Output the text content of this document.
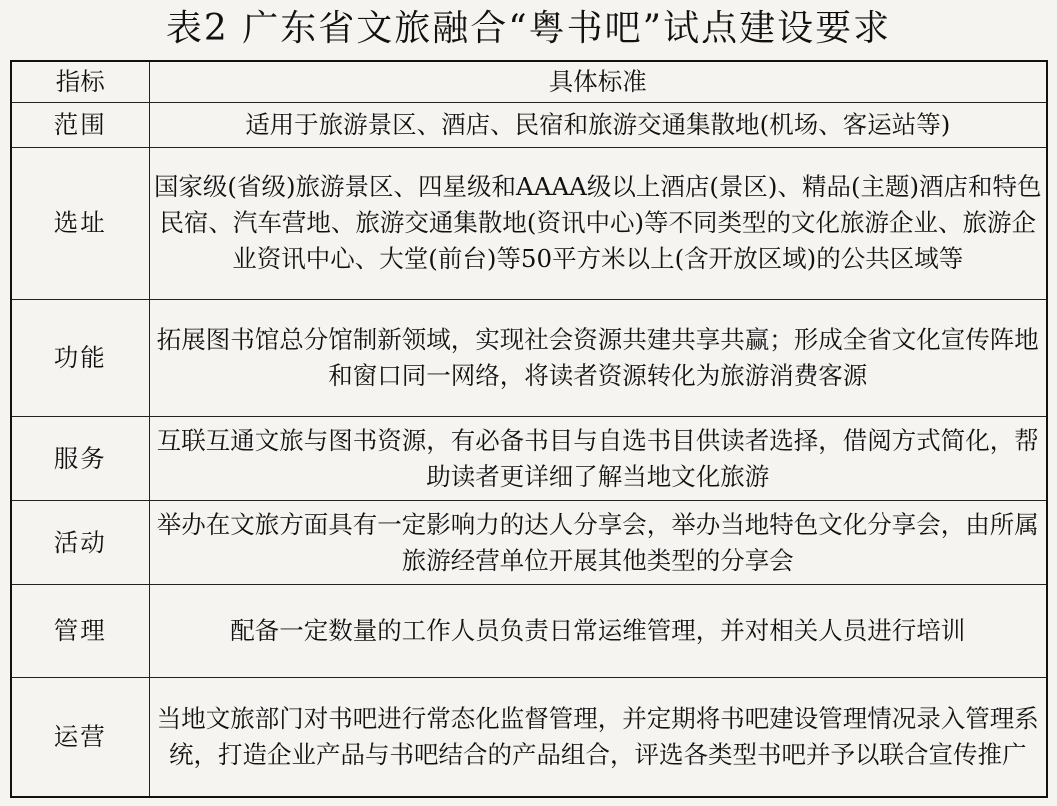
表2 广东省文旅融合“粤书吧”试点建设要求
指标	具体标准
范围	适用于旅游景区、酒店、民宿和旅游交通集散地(机场、客运站等)
选址	国家级(省级)旅游景区、四星级和AAAA级以上酒店(景区)、精品(主题)酒店和特色民宿、汽车营地、旅游交通集散地(资讯中心)等不同类型的文化旅游企业、旅游企业资讯中心、大堂(前台)等50平方米以上(含开放区域)的公共区域等
功能	拓展图书馆总分馆制新领域，实现社会资源共建共享共赢；形成全省文化宣传阵地和窗口同一网络，将读者资源转化为旅游消费客源
服务	互联互通文旅与图书资源，有必备书目与自选书目供读者选择，借阅方式简化，帮助读者更详细了解当地文化旅游
活动	举办在文旅方面具有一定影响力的达人分享会，举办当地特色文化分享会，由所属旅游经营单位开展其他类型的分享会
管理	配备一定数量的工作人员负责日常运维管理，并对相关人员进行培训
运营	当地文旅部门对书吧进行常态化监督管理，并定期将书吧建设管理情况录入管理系统，打造企业产品与书吧结合的产品组合，评选各类型书吧并予以联合宣传推广
